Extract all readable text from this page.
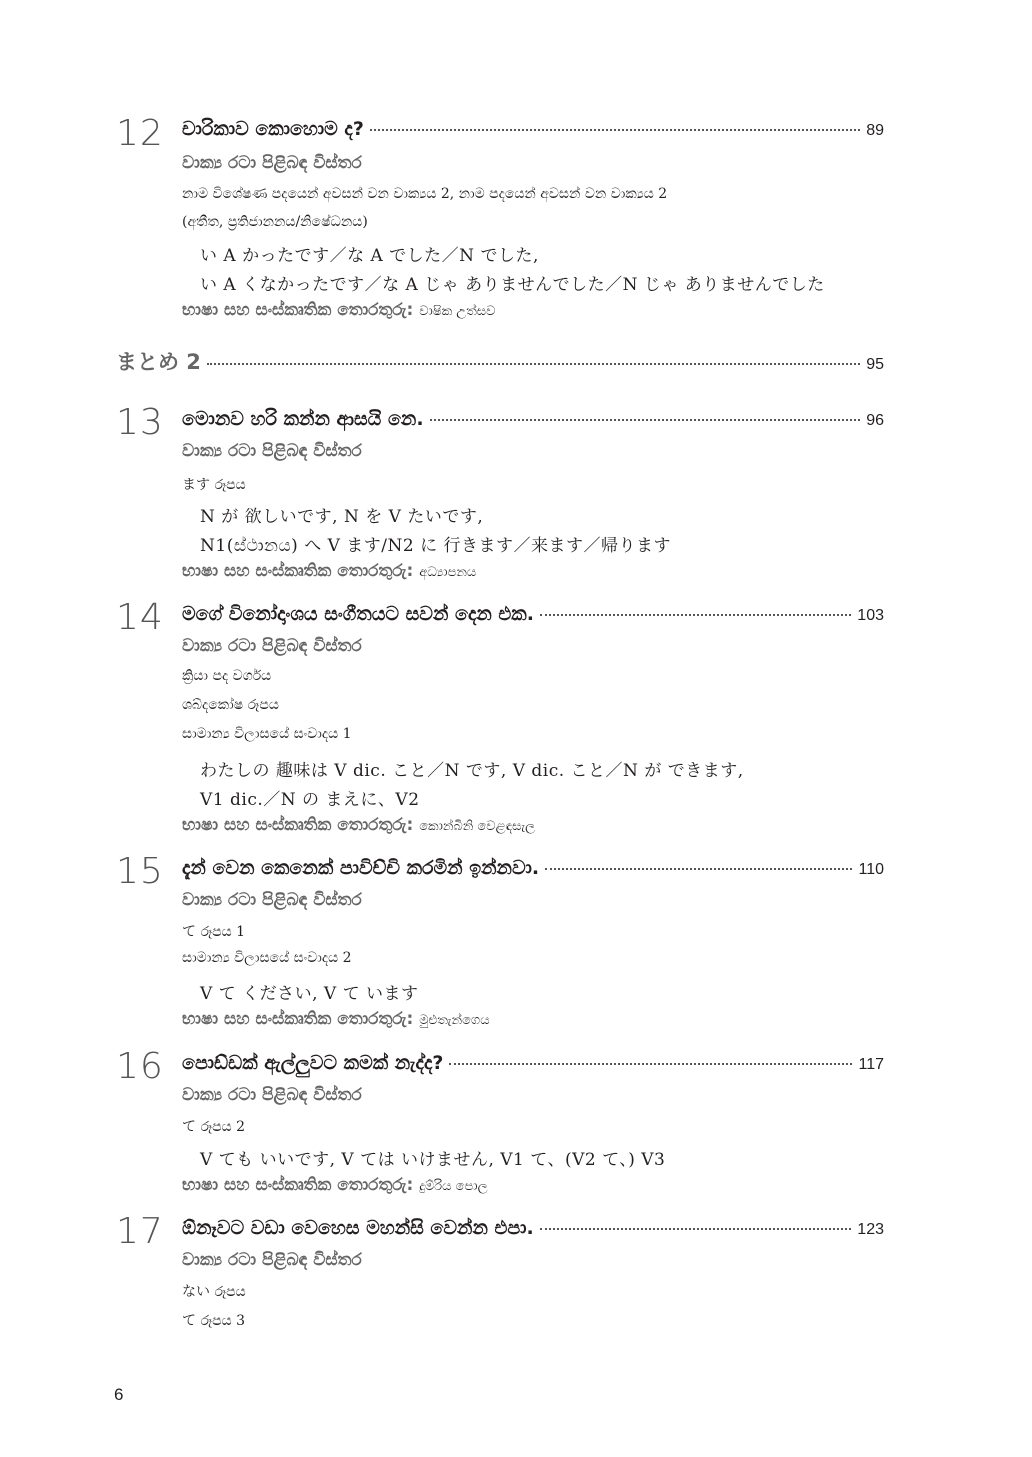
12 චාරිකාව කොහොම ද?	89
වාක්‍ය රටා පිළිබඳ විස්තර
නාම විශේෂණ පදයෙන් අවසන් වන වාක්‍යය 2, නාම පදයෙන් අවසන් වන වාක්‍යය 2
(අතීත, ප්‍රතිජානනය/නිෂේධනය)
い A かったです／な A でした／N でした,
い A くなかったです／な A じゃ ありませんでした／N じゃ ありませんでした
භාෂා සහ සංස්කෘතික තොරතුරු: වාෂික උත්සව
まとめ 2	95
13 මොනව හරි කන්න ආසයි නෙ.	96
වාක්‍ය රටා පිළිබඳ විස්තර
ます රූපය
N が 欲しいです, N を V たいです,
N1(ස්ථානය) へ V ます/N2 に 行きます／来ます／帰ります
භාෂා සහ සංස්කෘතික තොරතුරු: අධ්‍යාපනය
14 මගේ විනෝදාංශය සංගීතයට සවන් දෙන එක.	103
වාක්‍ය රටා පිළිබඳ විස්තර
ක්‍රියා පද වර්ගය
ශබ්දකෝෂ රූපය
සාමාන්‍ය විලාසයේ සංවාදය 1
わたしの 趣味は V dic. こと／N です, V dic. こと／N が できます,
V1 dic.／N の まえに、V2
භාෂා සහ සංස්කෘතික තොරතුරු: කොන්බිනි වෙළඳසැල
15 දැන් වෙන කෙනෙක් පාවිච්චි කරමින් ඉන්නවා.	110
වාක්‍ය රටා පිළිබඳ විස්තර
て රූපය 1
සාමාන්‍ය විලාසයේ සංවාදය 2
V て ください, V て います
භාෂා සහ සංස්කෘතික තොරතුරු: මුළුතැන්ගෙය
16 පොඩ්ඩක් ඇල්ලුවට කමක් නැද්ද?	117
වාක්‍ය රටා පිළිබඳ විස්තර
て රූපය 2
V ても いいです, V ては いけません, V1 て、(V2 て、) V3
භාෂා සහ සංස්කෘතික තොරතුරු: දුම්රිය පොල
17 ඕනෑවට වඩා වෙහෙස මහන්සි වෙන්න එපා.	123
වාක්‍ය රටා පිළිබඳ විස්තර
ない රූපය
て රූපය 3
6
